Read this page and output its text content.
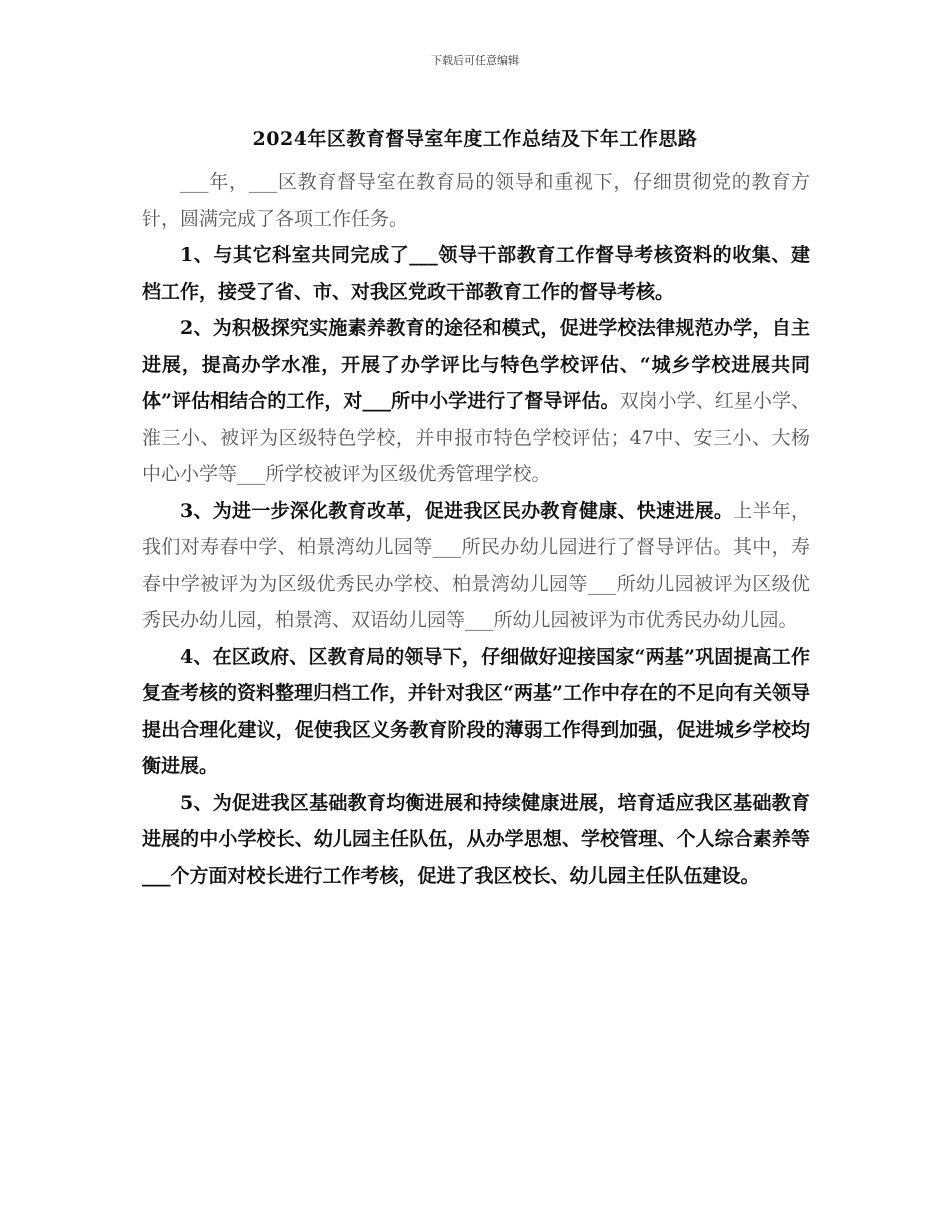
下载后可任意编辑
2024年区教育督导室年度工作总结及下年工作思路

___年，___区教育督导室在教育局的领导和重视下，仔细贯彻党的教育方针，圆满完成了各项工作任务。

1、与其它科室共同完成了___领导干部教育工作督导考核资料的收集、建档工作，接受了省、市、对我区党政干部教育工作的督导考核。

2、为积极探究实施素养教育的途径和模式，促进学校法律规范办学，自主进展，提高办学水准，开展了办学评比与特色学校评估、“城乡学校进展共同体”评估相结合的工作，对___所中小学进行了督导评估。双岗小学、红星小学、淮三小、被评为区级特色学校，并申报市特色学校评估；47中、安三小、大杨中心小学等___所学校被评为区级优秀管理学校。

3、为进一步深化教育改革，促进我区民办教育健康、快速进展。上半年，我们对寿春中学、柏景湾幼儿园等___所民办幼儿园进行了督导评估。其中，寿春中学被评为为区级优秀民办学校、柏景湾幼儿园等___所幼儿园被评为区级优秀民办幼儿园，柏景湾、双语幼儿园等___所幼儿园被评为市优秀民办幼儿园。

4、在区政府、区教育局的领导下，仔细做好迎接国家“两基”巩固提高工作复查考核的资料整理归档工作，并针对我区“两基”工作中存在的不足向有关领导提出合理化建议，促使我区义务教育阶段的薄弱工作得到加强，促进城乡学校均衡进展。

5、为促进我区基础教育均衡进展和持续健康进展，培育适应我区基础教育进展的中小学校长、幼儿园主任队伍，从办学思想、学校管理、个人综合素养等___个方面对校长进行工作考核，促进了我区校长、幼儿园主任队伍建设。
